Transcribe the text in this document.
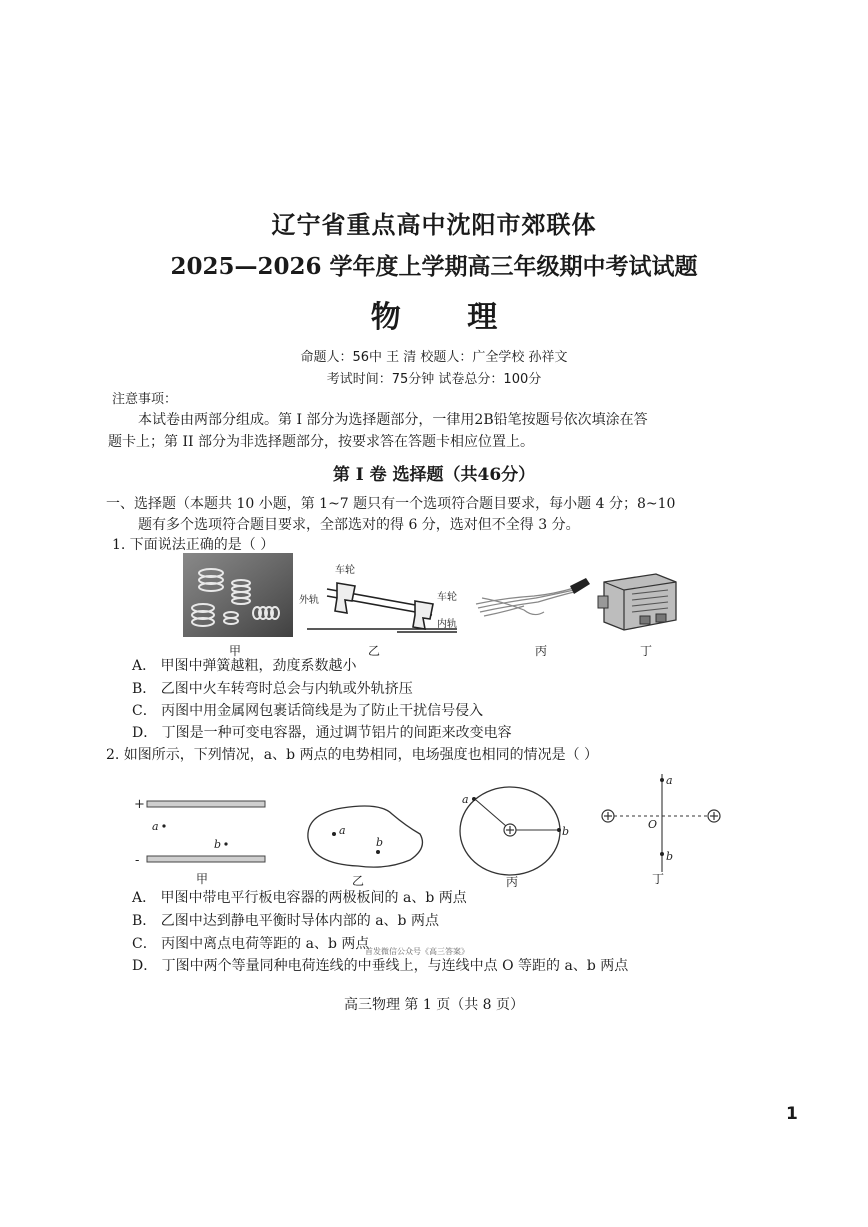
辽宁省重点高中沈阳市郊联体
2025—2026 学年度上学期高三年级期中考试试题
物 理
命题人：56中 王 清 校题人：广全学校 孙祥文
考试时间：75分钟 试卷总分：100分
注意事项：
本试卷由两部分组成。第 I 部分为选择题部分，一律用2B铅笔按题号依次填涂在答
题卡上；第 II 部分为非选择题部分，按要求答在答题卡相应位置上。
第 I 卷 选择题（共46分）
一、选择题（本题共 10 小题，第 1~7 题只有一个选项符合题目要求，每小题 4 分；8~10
题有多个选项符合题目要求，全部选对的得 6 分，选对但不全得 3 分。
1. 下面说法正确的是（ ）
甲
车轮
外轨	车轮
内轨
乙	丙	丁
A． 甲图中弹簧越粗，劲度系数越小
B． 乙图中火车转弯时总会与内轨或外轨挤压
C． 丙图中用金属网包裹话筒线是为了防止干扰信号侵入
D． 丁图是一种可变电容器，通过调节铝片的间距来改变电容
2. 如图所示，下列情况，a、b 两点的电势相同，电场强度也相同的情况是（ ）
+
-
a
b
甲
a
b
乙
a
b
丙
a
b
O
丁
A． 甲图中带电平行板电容器的两极板间的 a、b 两点
B． 乙图中达到静电平衡时导体内部的 a、b 两点
C． 丙图中离点电荷等距的 a、b 两点
首发微信公众号《高三答案》
D． 丁图中两个等量同种电荷连线的中垂线上，与连线中点 O 等距的 a、b 两点
高三物理 第 1 页（共 8 页）
1
